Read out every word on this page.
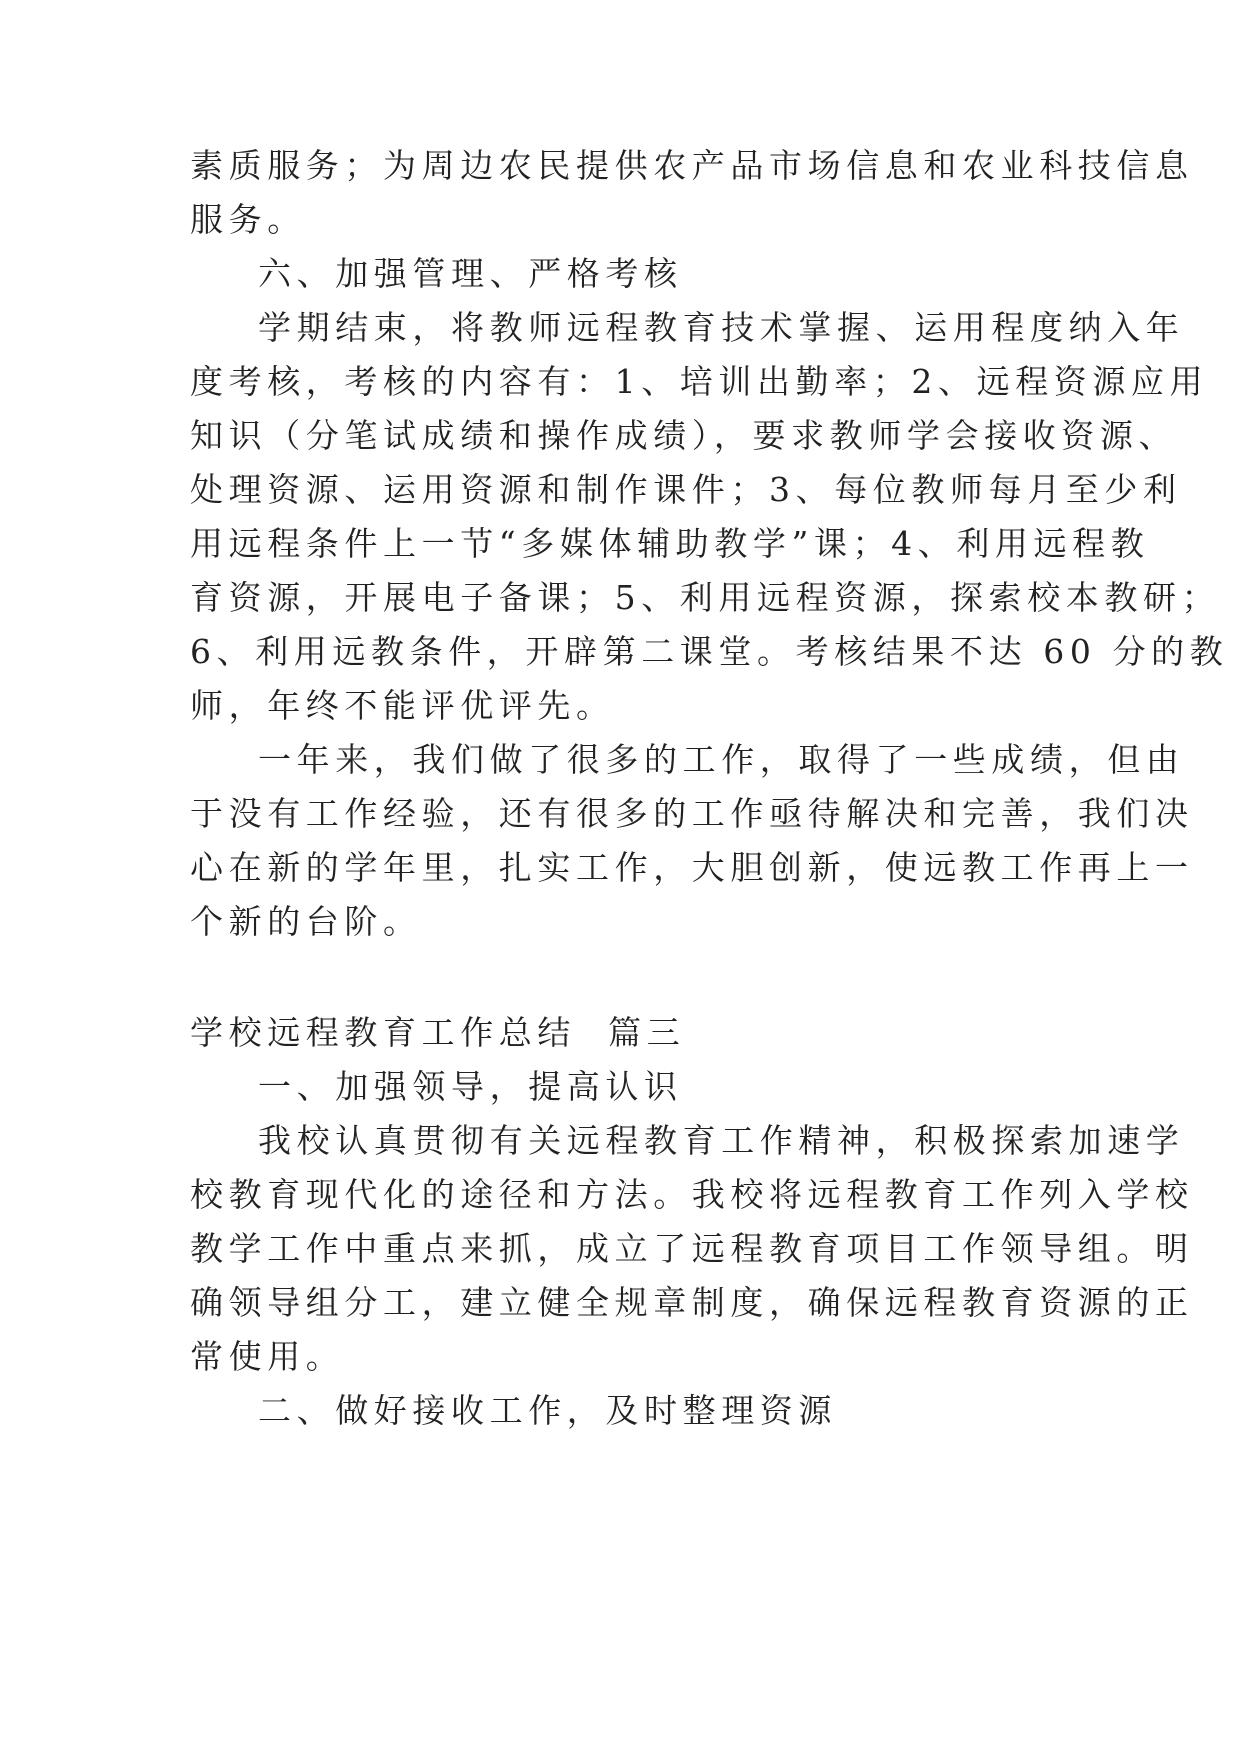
素质服务；为周边农民提供农产品市场信息和农业科技信息
服务。
六、加强管理、严格考核
学期结束，将教师远程教育技术掌握、运用程度纳入年
度考核，考核的内容有：1、培训出勤率；2、远程资源应用
知识（分笔试成绩和操作成绩），要求教师学会接收资源、
处理资源、运用资源和制作课件；3、每位教师每月至少利
用远程条件上一节“多媒体辅助教学”课；4、利用远程教
育资源，开展电子备课；5、利用远程资源，探索校本教研；
6、利用远教条件，开辟第二课堂。考核结果不达 60 分的教
师，年终不能评优评先。
一年来，我们做了很多的工作，取得了一些成绩，但由
于没有工作经验，还有很多的工作亟待解决和完善，我们决
心在新的学年里，扎实工作，大胆创新，使远教工作再上一
个新的台阶。
学校远程教育工作总结  篇三
一、加强领导，提高认识
我校认真贯彻有关远程教育工作精神，积极探索加速学
校教育现代化的途径和方法。我校将远程教育工作列入学校
教学工作中重点来抓，成立了远程教育项目工作领导组。明
确领导组分工，建立健全规章制度，确保远程教育资源的正
常使用。
二、做好接收工作，及时整理资源
